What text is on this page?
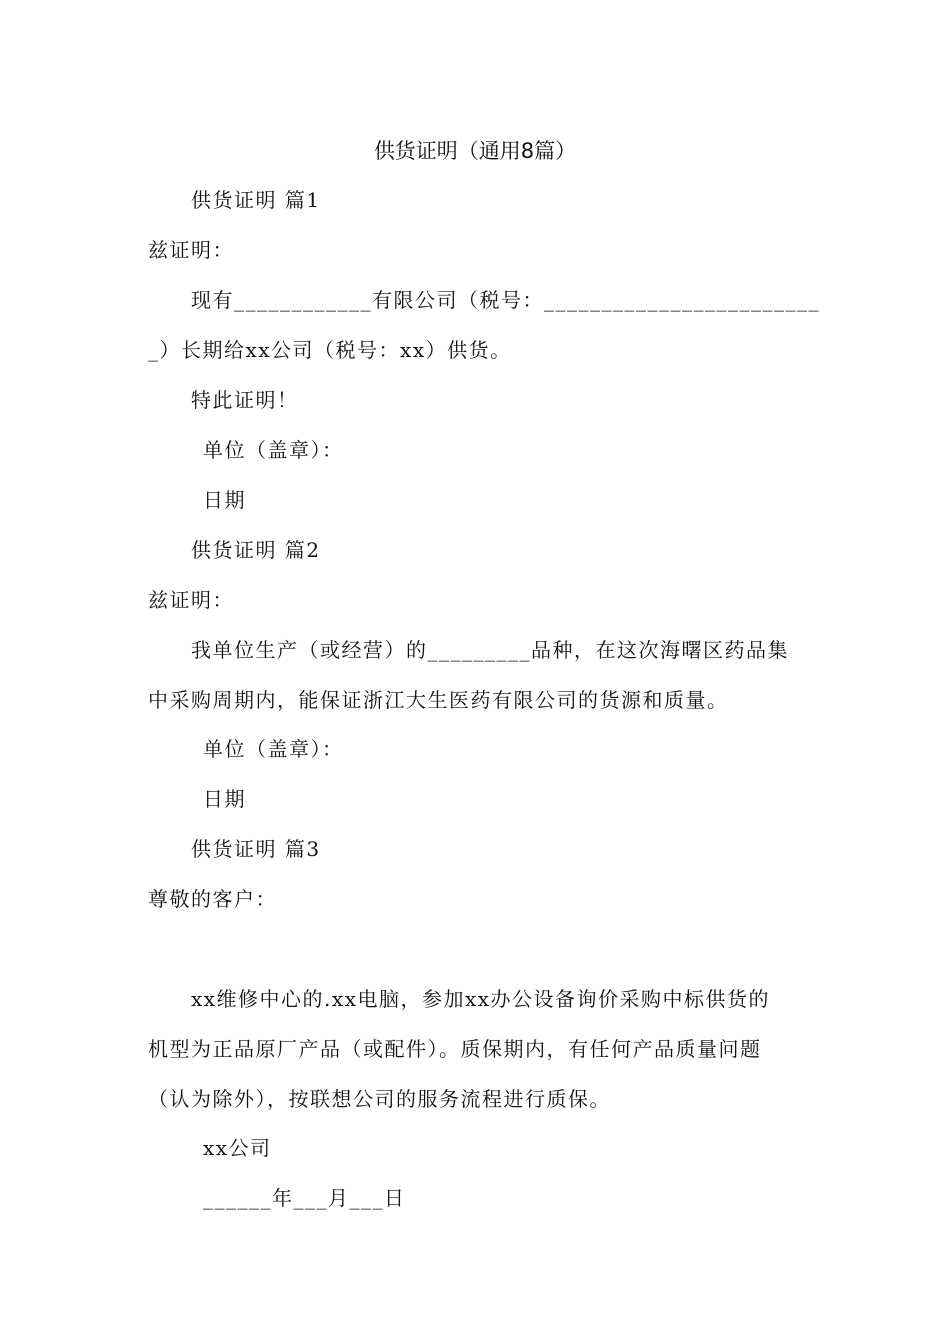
供货证明（通用8篇）
供货证明 篇1
兹证明：
现有____________有限公司（税号：________________________
_）长期给xx公司（税号：xx）供货。
特此证明！
单位（盖章）：
日期
供货证明 篇2
兹证明：
我单位生产（或经营）的_________品种，在这次海曙区药品集
中采购周期内，能保证浙江大生医药有限公司的货源和质量。
单位（盖章）：
日期
供货证明 篇3
尊敬的客户：
xx维修中心的.xx电脑，参加xx办公设备询价采购中标供货的
机型为正品原厂产品（或配件）。质保期内，有任何产品质量问题
（认为除外），按联想公司的服务流程进行质保。
xx公司
______年___月___日
